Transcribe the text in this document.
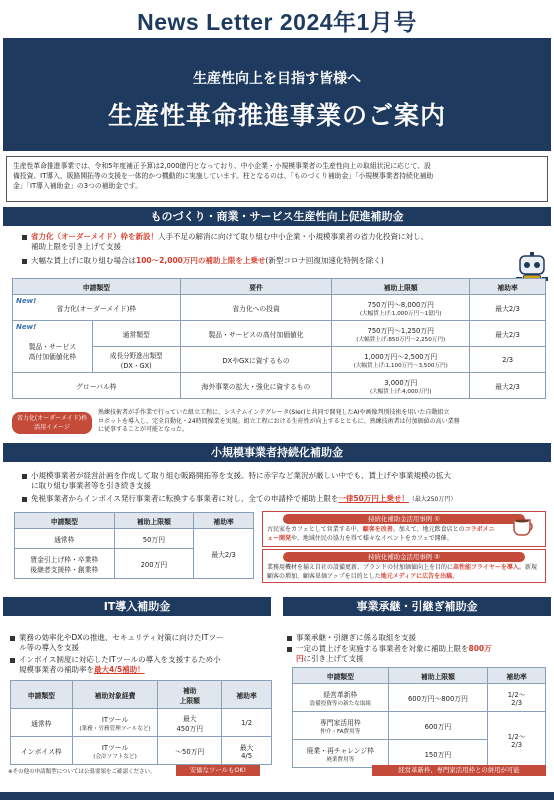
News Letter 2024年1月号
生産性向上を目指す皆様へ
生産性革命推進事業のご案内
生産性革命推進事業では、令和5年度補正予算は2,000億円となっており、中小企業・小規模事業者の生産性向上の取組状況に応じて、設
備投資、IT導入、販路開拓等の支援を一体的かつ機動的に実施しています。柱となるのは、「ものづくり補助金」「小規模事業者持続化補助
金」「IT導入補助金」の3つの補助金です。
ものづくり・商業・サービス生産性向上促進補助金
省力化（オーダーメイド）枠を新設！人手不足の解消に向けて取り組む中小企業・小規模事業者の省力化投資に対し、
補助上限を引き上げて支援
大幅な賃上げに取り組む場合は100～2,000万円の補助上限を上乗せ(新型コロナ回復加速化特例を除く)
申請類型		要件	補助上限額	補助率

New!
省力化(オーダーメイド)枠		省力化への投資	750万円～8,000万円
(大幅賃上げ:1,000万円～1億円)	最大2/3

New!
製品・サービス
高付加価値化枠	通常類型	製品・サービスの高付加価値化	750万円～1,250万円
(大幅賃上げ:850万円～2,250万円)	最大2/3

	成長分野進出類型
(DX・GX)	DXやGXに資するもの	1,000万円～2,500万円
(大幅賃上げ:1,100万円～3,500万円)	2/3
グローバル枠		海外事業の拡大・強化に資するもの	3,000万円
(大幅賃上げ:4,000万円)	最大2/3
省力化(オーダーメイド)枠
活用イメージ
熟練技術者が手作業で行っていた組立工程に、システムインテグレータ(SIer)と共同で開発したAIや画像判別技術を用いた自動組立
ロボットを導入し、完全自動化・24時間操業を実現。組立工程における生産性が向上するとともに、熟練技術者は付加価値の高い業務
に従事することが可能となった。
小規模事業者持続化補助金
小規模事業者が経営計画を作成して取り組む販路開拓等を支援。特に赤字など業況が厳しい中でも、賃上げや事業規模の拡大
に取り組む事業者等を引き続き支援
免税事業者からインボイス発行事業者に転換する事業者に対し、全ての申請枠で補助上限を一律50万円上乗せ！（最大250万円）
申請類型	補助上限額	補助率
通常枠	50万円	最大2/3

賃金引上げ枠・卒業枠
後継者支援枠・創業枠	200万円	
持続化補助金活用事例 ①
古民家をカフェとして営業する中、顧客を改善。加えて、地元飲食店とのコラボメニュー開発や、地域住民の協力を得て様々なイベントをカフェで開催。
持続化補助金活用事例 ②
業務用機材を揃え自社の設備更新、ブランドの付加価値向上を目的に高性能フライヤーを導入。新規顧客の増加、顧客単価アップを目的とした地元メディアに広告を出稿。
IT導入補助金
業務の効率化やDXの推進、セキュリティ対策に向けたITツー
ル等の導入を支援
インボイス制度に対応したITツールの導入を支援するため小
規模事業者の補助率を最大4/5補助！
申請類型	補助対象経費	補助
上限額	補助率
通常枠	ITツール
(業務・労務管理ツールなど)	最大
450万円	1/2
インボイス枠	ITツール
(会計ソフトなど)	～50万円	最大
4/5
※その他の申請類型については公募要領をご確認ください。	安価なツールもOK!
事業承継・引継ぎ補助金
事業承継・引継ぎに係る取組を支援
一定の賃上げを実施する事業者を対象に補助上限を800万
円に引き上げて支援
申請類型	補助上限額	補助率

経営革新枠
設備投資等の新たな取組	600万円～800万円	1/2～
2/3

専門家活用枠
仲介・FA費用等	600万円	1/2～
2/3

廃業・再チャレンジ枠
廃業費用等	150万円	
経営革新枠、専門家活用枠との併用が可能
